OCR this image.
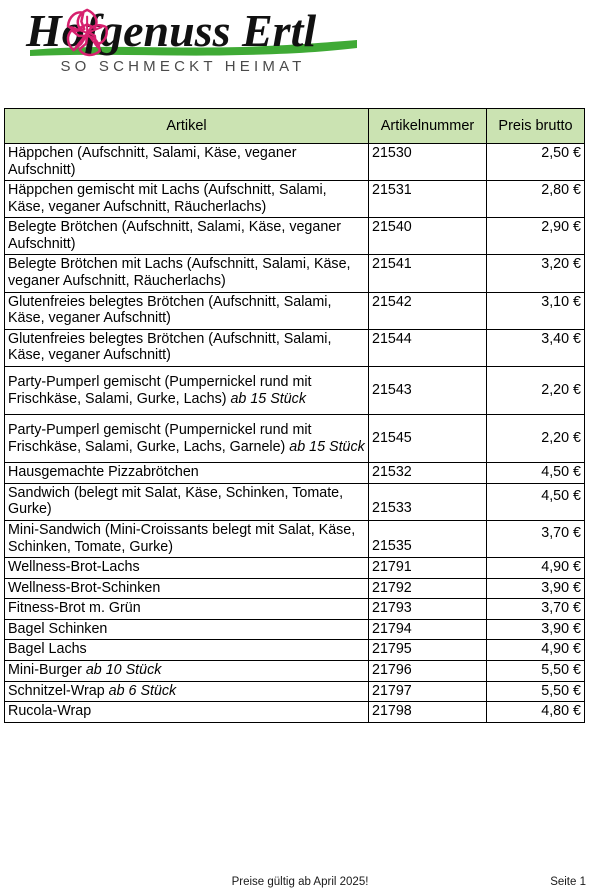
Hofgenuss Ertl
SO SCHMECKT HEIMAT
Artikel	Artikelnummer	Preis brutto
Häppchen (Aufschnitt, Salami, Käse, veganer Aufschnitt)	21530	2,50 €
Häppchen gemischt mit Lachs (Aufschnitt, Salami, Käse, veganer Aufschnitt, Räucherlachs)	21531	2,80 €
Belegte Brötchen (Aufschnitt, Salami, Käse, veganer Aufschnitt)	21540	2,90 €
Belegte Brötchen mit Lachs (Aufschnitt, Salami, Käse, veganer Aufschnitt, Räucherlachs)	21541	3,20 €
Glutenfreies belegtes Brötchen (Aufschnitt, Salami, Käse, veganer Aufschnitt)	21542	3,10 €
Glutenfreies belegtes Brötchen (Aufschnitt, Salami, Käse, veganer Aufschnitt)	21544	3,40 €
Party-Pumperl gemischt (Pumpernickel rund mit Frischkäse, Salami, Gurke, Lachs) ab 15 Stück	21543	2,20 €
Party-Pumperl gemischt (Pumpernickel rund mit Frischkäse, Salami, Gurke, Lachs, Garnele) ab 15 Stück	21545	2,20 €
Hausgemachte Pizzabrötchen	21532	4,50 €
Sandwich (belegt mit Salat, Käse, Schinken, Tomate, Gurke)	21533	4,50 €
Mini-Sandwich (Mini-Croissants belegt mit Salat, Käse, Schinken, Tomate, Gurke)	21535	3,70 €
Wellness-Brot-Lachs	21791	4,90 €
Wellness-Brot-Schinken	21792	3,90 €
Fitness-Brot m. Grün	21793	3,70 €
Bagel Schinken	21794	3,90 €
Bagel Lachs	21795	4,90 €
Mini-Burger ab 10 Stück	21796	5,50 €
Schnitzel-Wrap ab 6 Stück	21797	5,50 €
Rucola-Wrap	21798	4,80 €
Preise gültig ab April 2025!	Seite 1
